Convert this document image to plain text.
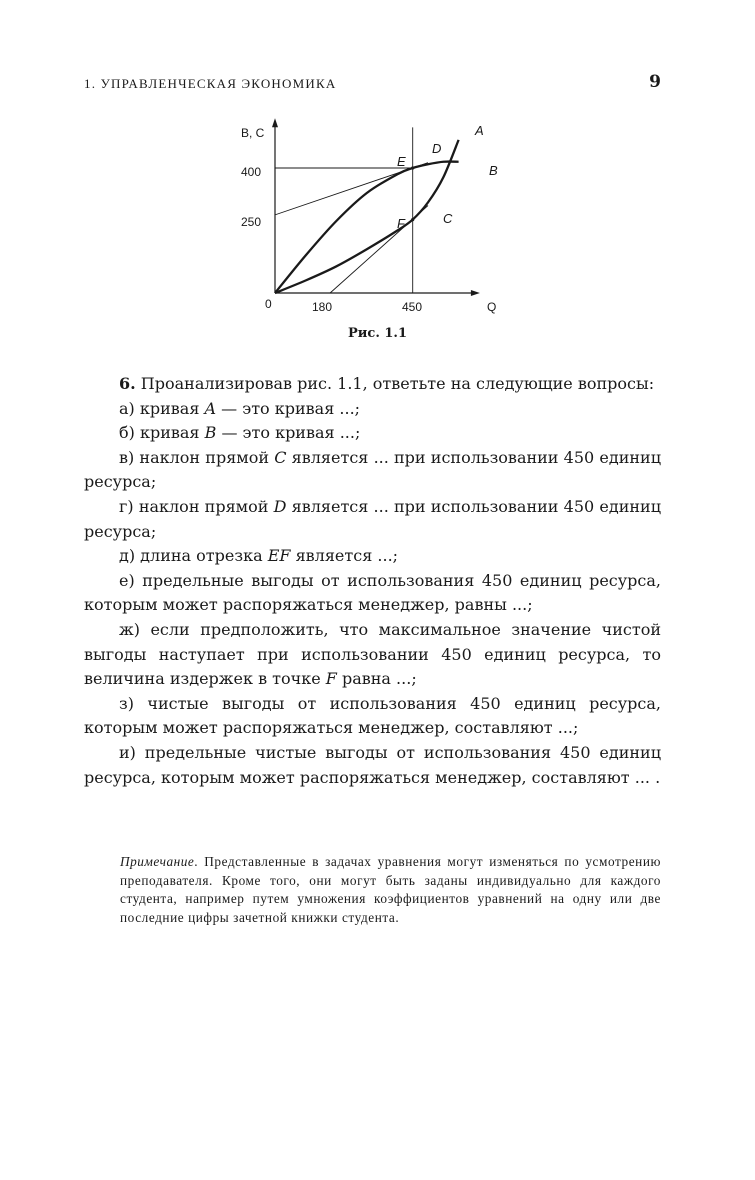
1. УПРАВЛЕНЧЕСКАЯ ЭКОНОМИКА	9
B, C
Q
0
400
250
180	450
A
B
C
D
E
F
Рис. 1.1

6. Проанализировав рис. 1.1, ответьте на следующие вопросы:

а) кривая A — это кривая ...;

б) кривая B — это кривая ...;

в) наклон прямой C является ... при использовании 450 единиц ресурса;

г) наклон прямой D является ... при использовании 450 единиц ресурса;

д) длина отрезка EF является ...;

е) предельные выгоды от использования 450 единиц ресурса, которым может распоряжаться менеджер, равны ...;

ж) если предположить, что максимальное значение чистой выгоды наступает при использовании 450 единиц ресурса, то величина издержек в точке F равна ...;

з) чистые выгоды от использования 450 единиц ресурса, которым может распоряжаться менеджер, составляют ...;

и) предельные чистые выгоды от использования 450 единиц ресурса, которым может распоряжаться менеджер, составляют ... .

Примечание. Представленные в задачах уравнения могут изменяться по усмотрению преподавателя. Кроме того, они могут быть заданы индивидуально для каждого студента, например путем умножения коэффициентов уравнений на одну или две последние цифры зачетной книжки студента.
